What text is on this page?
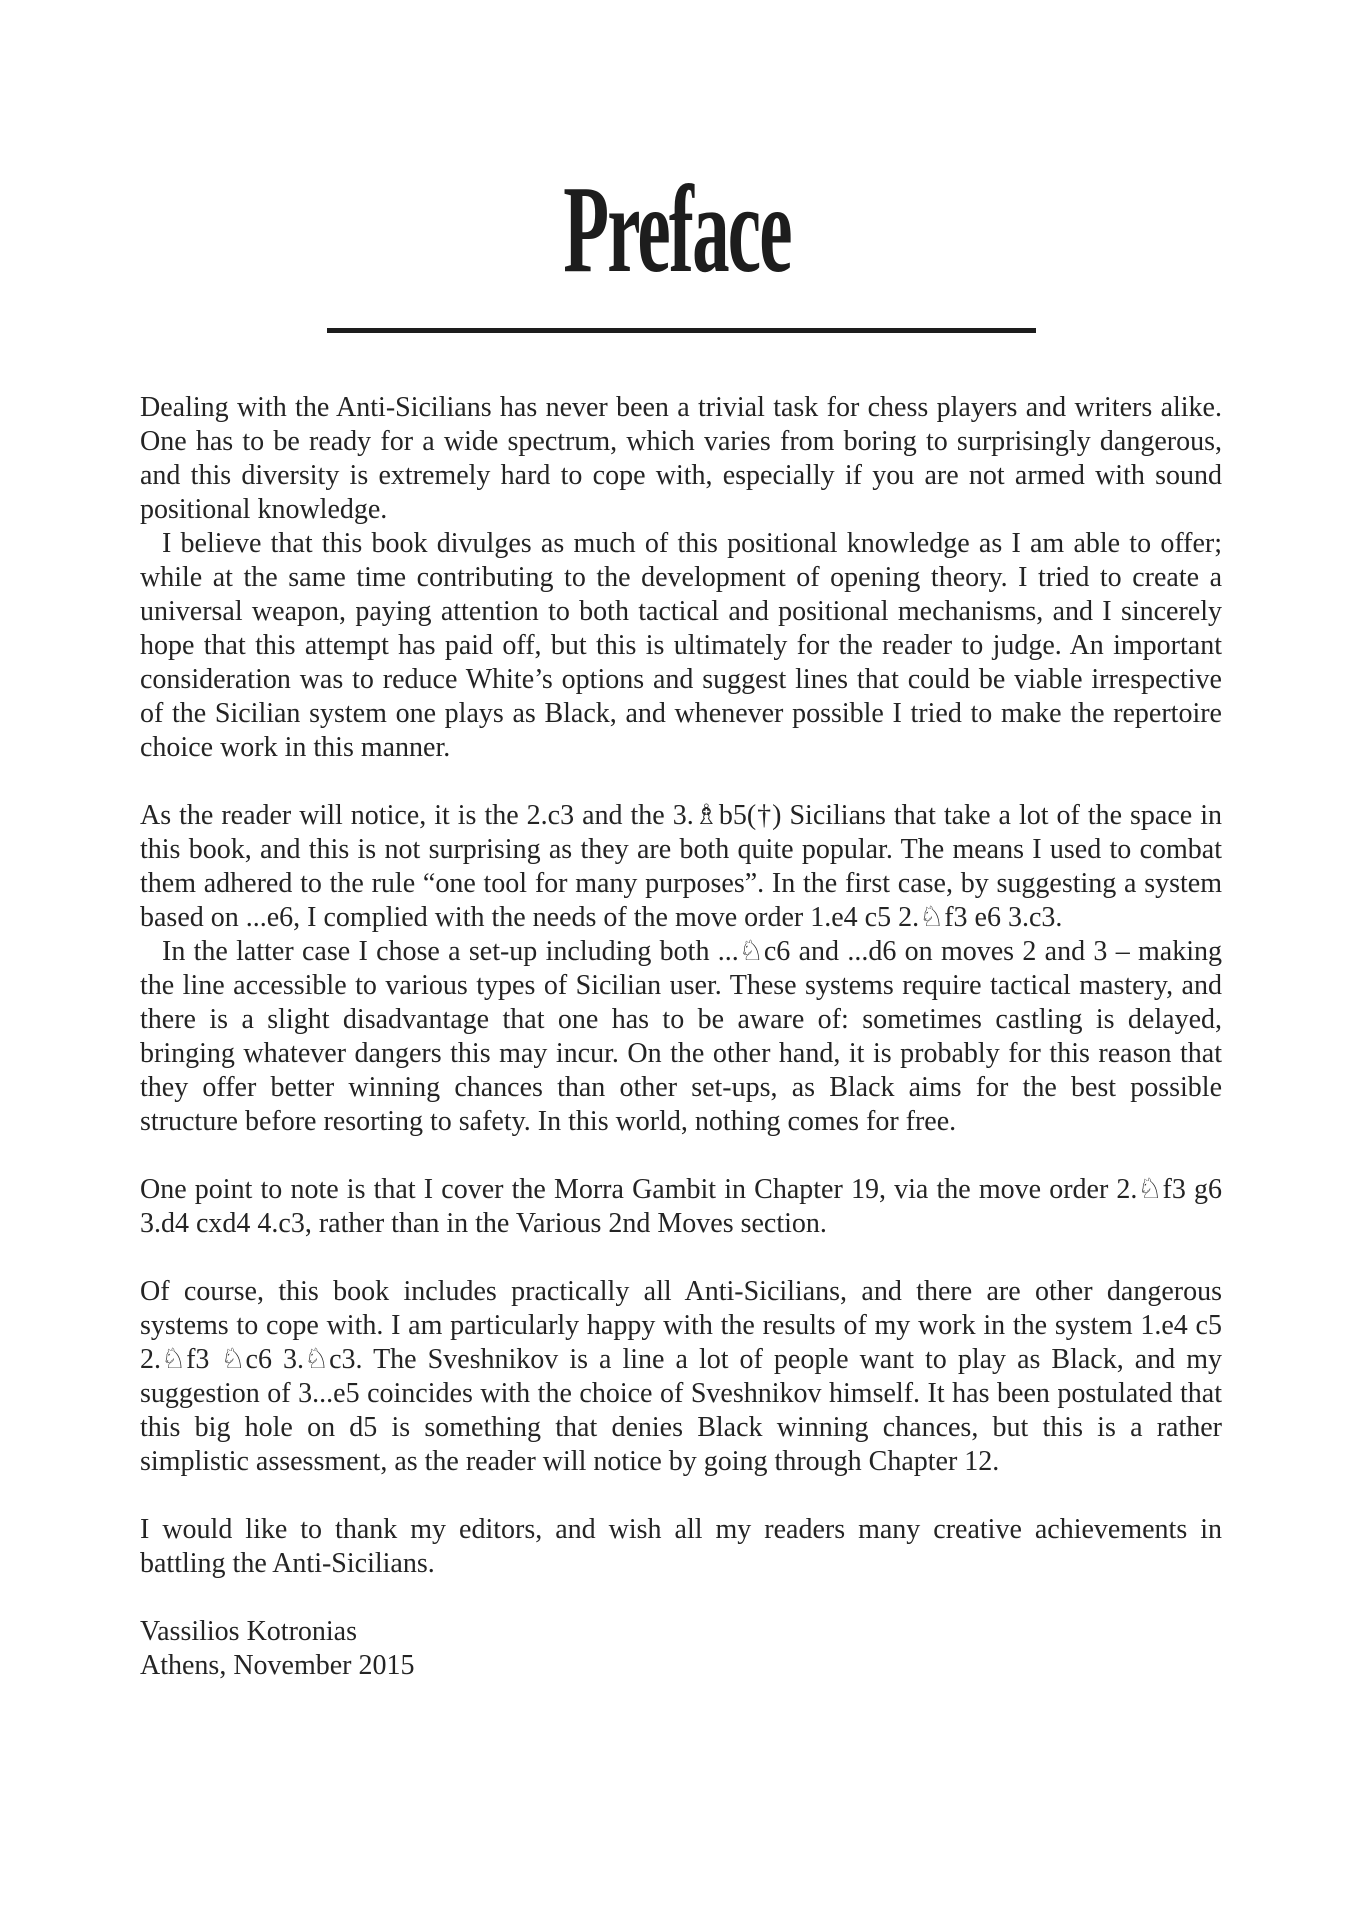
Preface

Dealing with the Anti-Sicilians has never been a trivial task for chess players and writers alike. One has to be ready for a wide spectrum, which varies from boring to surprisingly dangerous, and this diversity is extremely hard to cope with, especially if you are not armed with sound positional knowledge.

I believe that this book divulges as much of this positional knowledge as I am able to offer; while at the same time contributing to the development of opening theory. I tried to create a universal weapon, paying attention to both tactical and positional mechanisms, and I sincerely hope that this attempt has paid off, but this is ultimately for the reader to judge. An important consideration was to reduce White’s options and suggest lines that could be viable irrespective of the Sicilian system one plays as Black, and whenever possible I tried to make the repertoire choice work in this manner.

As the reader will notice, it is the 2.c3 and the 3.♗b5(†) Sicilians that take a lot of the space in this book, and this is not surprising as they are both quite popular. The means I used to combat them adhered to the rule “one tool for many purposes”. In the first case, by suggesting a system based on ...e6, I complied with the needs of the move order 1.e4 c5 2.♘f3 e6 3.c3.

In the latter case I chose a set-up including both ...♘c6 and ...d6 on moves 2 and 3 – making the line accessible to various types of Sicilian user. These systems require tactical mastery, and there is a slight disadvantage that one has to be aware of: sometimes castling is delayed, bringing whatever dangers this may incur. On the other hand, it is probably for this reason that they offer better winning chances than other set-ups, as Black aims for the best possible structure before resorting to safety. In this world, nothing comes for free.

One point to note is that I cover the Morra Gambit in Chapter 19, via the move order 2.♘f3 g6 3.d4 cxd4 4.c3, rather than in the Various 2nd Moves section.

Of course, this book includes practically all Anti-Sicilians, and there are other dangerous systems to cope with. I am particularly happy with the results of my work in the system 1.e4 c5 2.♘f3 ♘c6 3.♘c3. The Sveshnikov is a line a lot of people want to play as Black, and my suggestion of 3...e5 coincides with the choice of Sveshnikov himself. It has been postulated that this big hole on d5 is something that denies Black winning chances, but this is a rather simplistic assessment, as the reader will notice by going through Chapter 12.

I would like to thank my editors, and wish all my readers many creative achievements in battling the Anti-Sicilians.

Vassilios Kotronias
Athens, November 2015
